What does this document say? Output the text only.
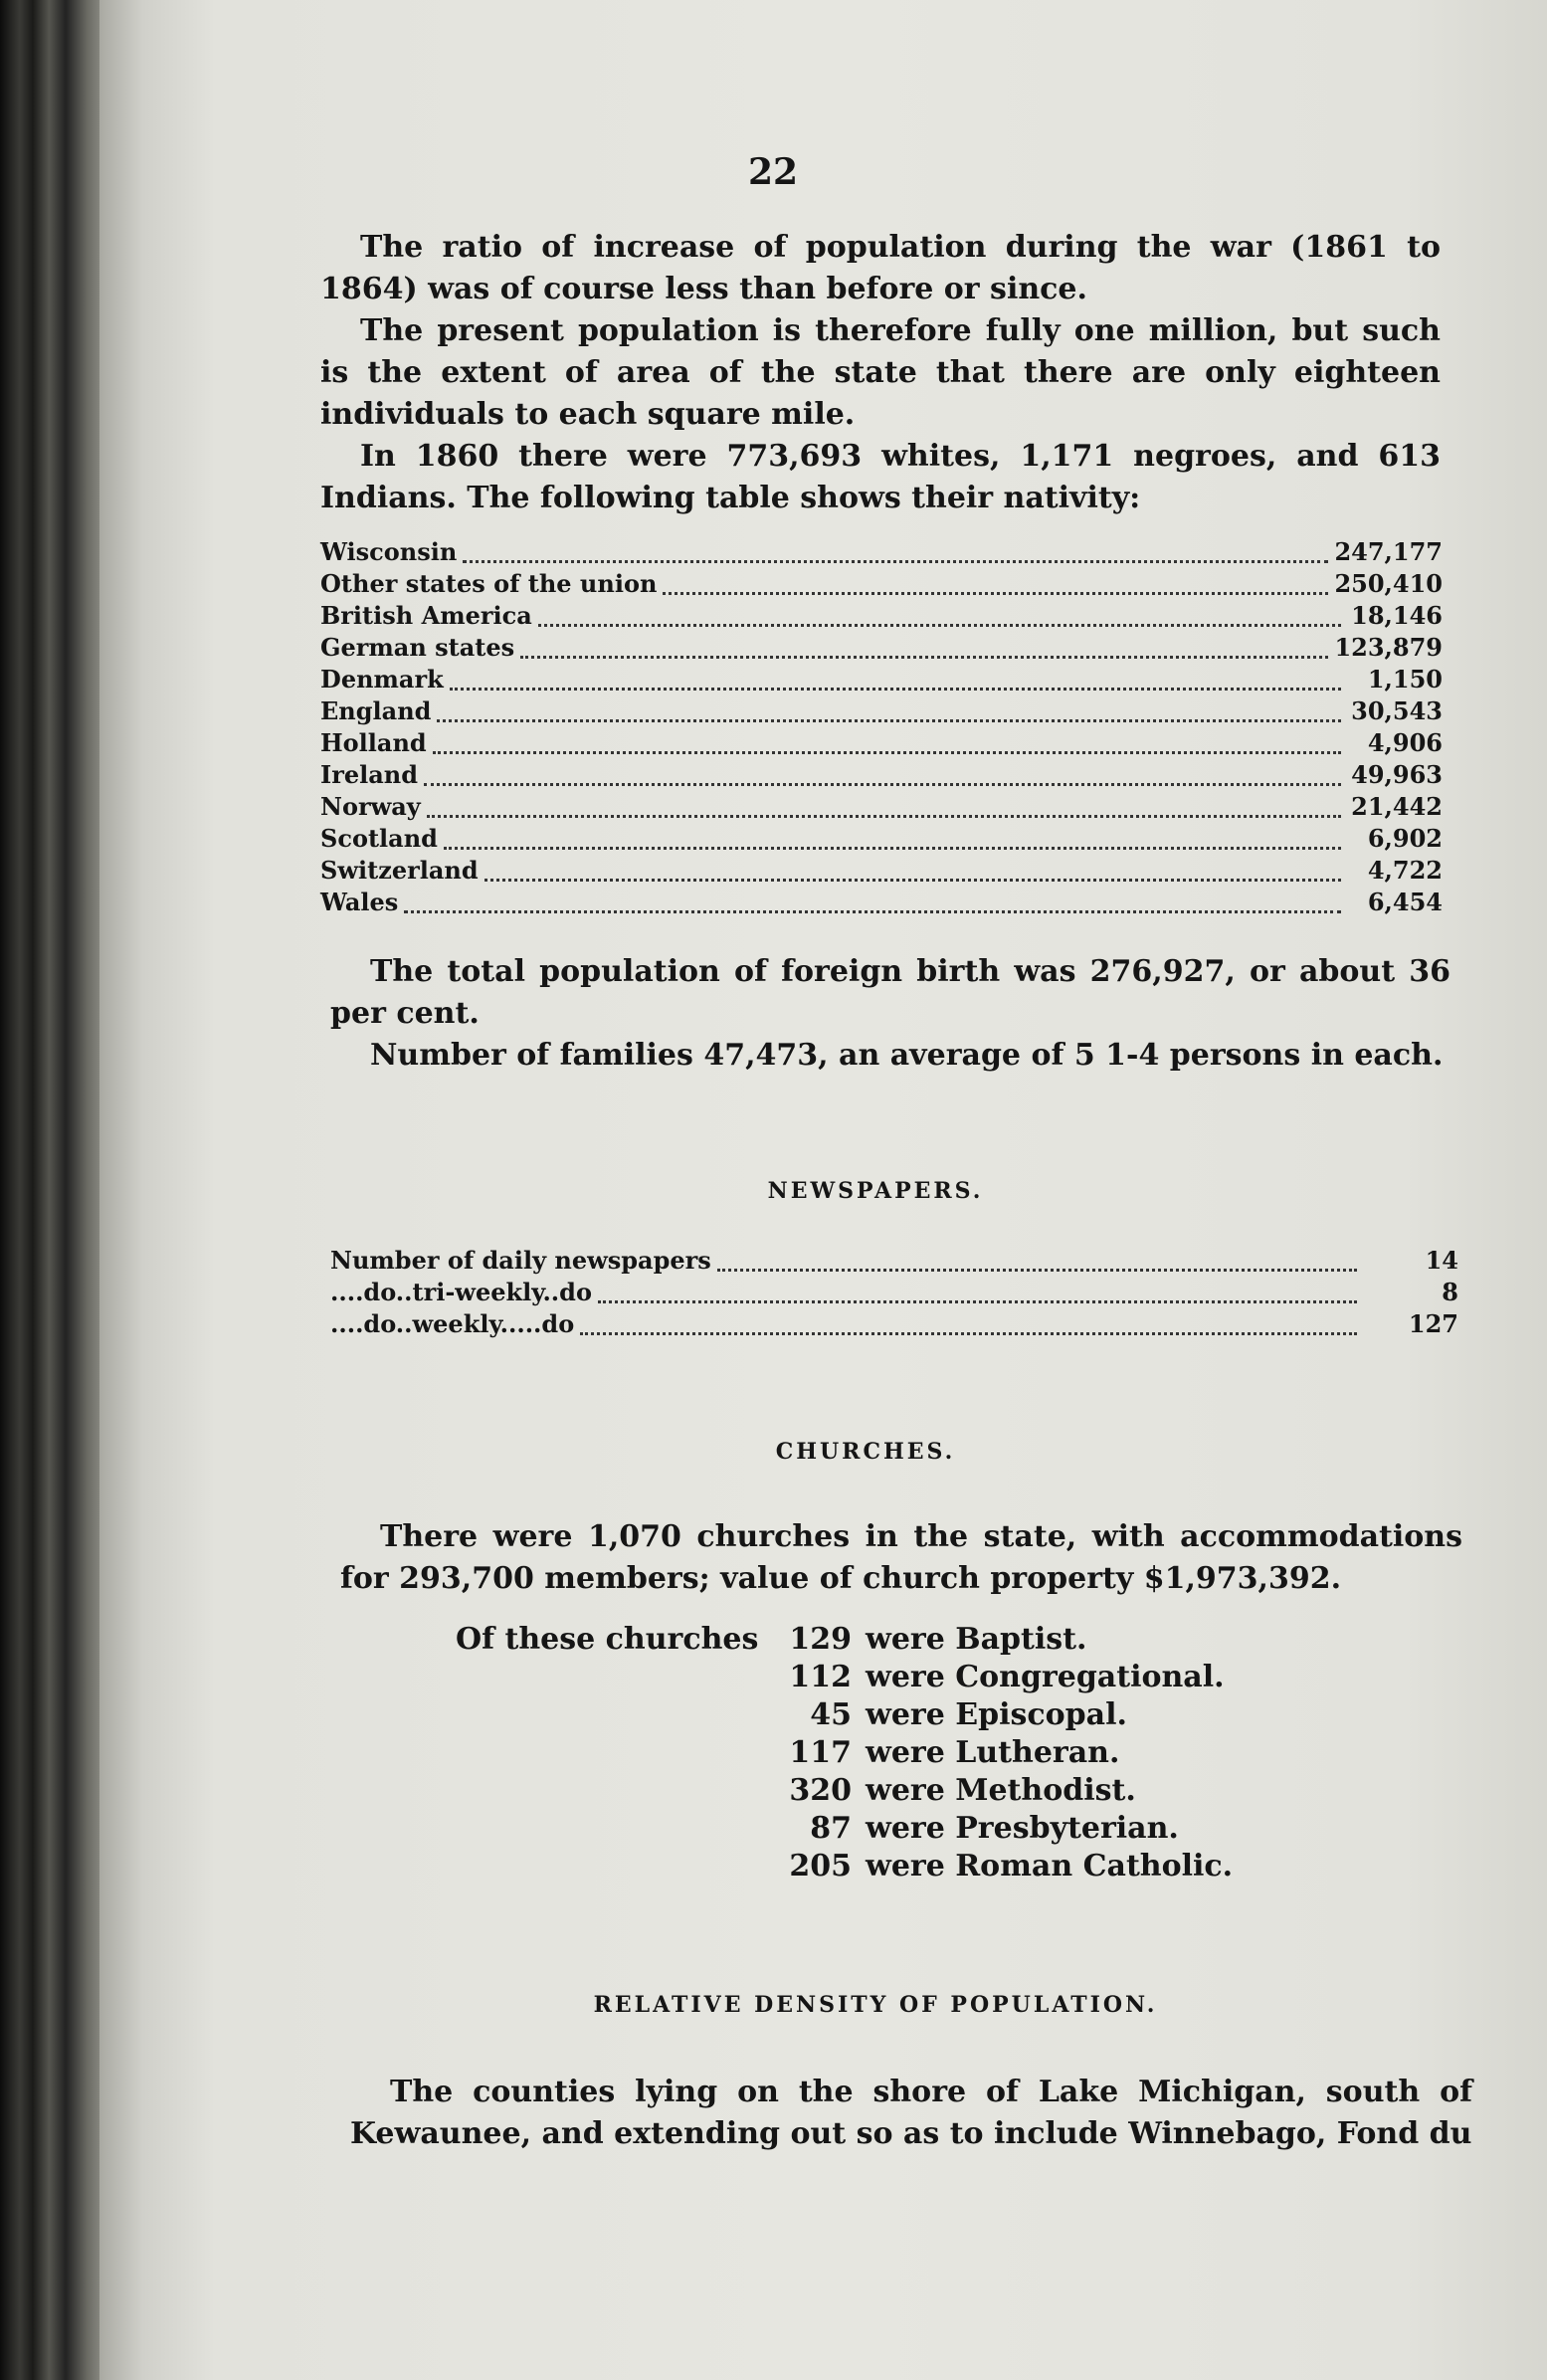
22

The ratio of increase of population during the war (1861 to 1864) was of course less than before or since.

The present population is therefore fully one million, but such is the extent of area of the state that there are only eighteen individuals to each square mile.

In 1860 there were 773,693 whites, 1,171 negroes, and 613 Indians. The following table shows their nativity:

Wisconsin	247,177
Other states of the union	250,410
British America	18,146
German states	123,879
Denmark	1,150
England	30,543
Holland	4,906
Ireland	49,963
Norway	21,442
Scotland	6,902
Switzerland	4,722
Wales	6,454

The total population of foreign birth was 276,927, or about 36 per cent.

Number of families 47,473, an average of 5 1-4 persons in each.

NEWSPAPERS.
Number of daily newspapers	14
....do..tri-weekly..do	8
....do..weekly.....do	127
CHURCHES.

There were 1,070 churches in the state, with accommodations for 293,700 members; value of church property $1,973,392.

Of these churches	129 were Baptist.
112 were Congregational.
45 were Episcopal.
117 were Lutheran.
320 were Methodist.
87 were Presbyterian.
205 were Roman Catholic.
RELATIVE DENSITY OF POPULATION.

The counties lying on the shore of Lake Michigan, south of Kewaunee, and extending out so as to include Winnebago, Fond du
